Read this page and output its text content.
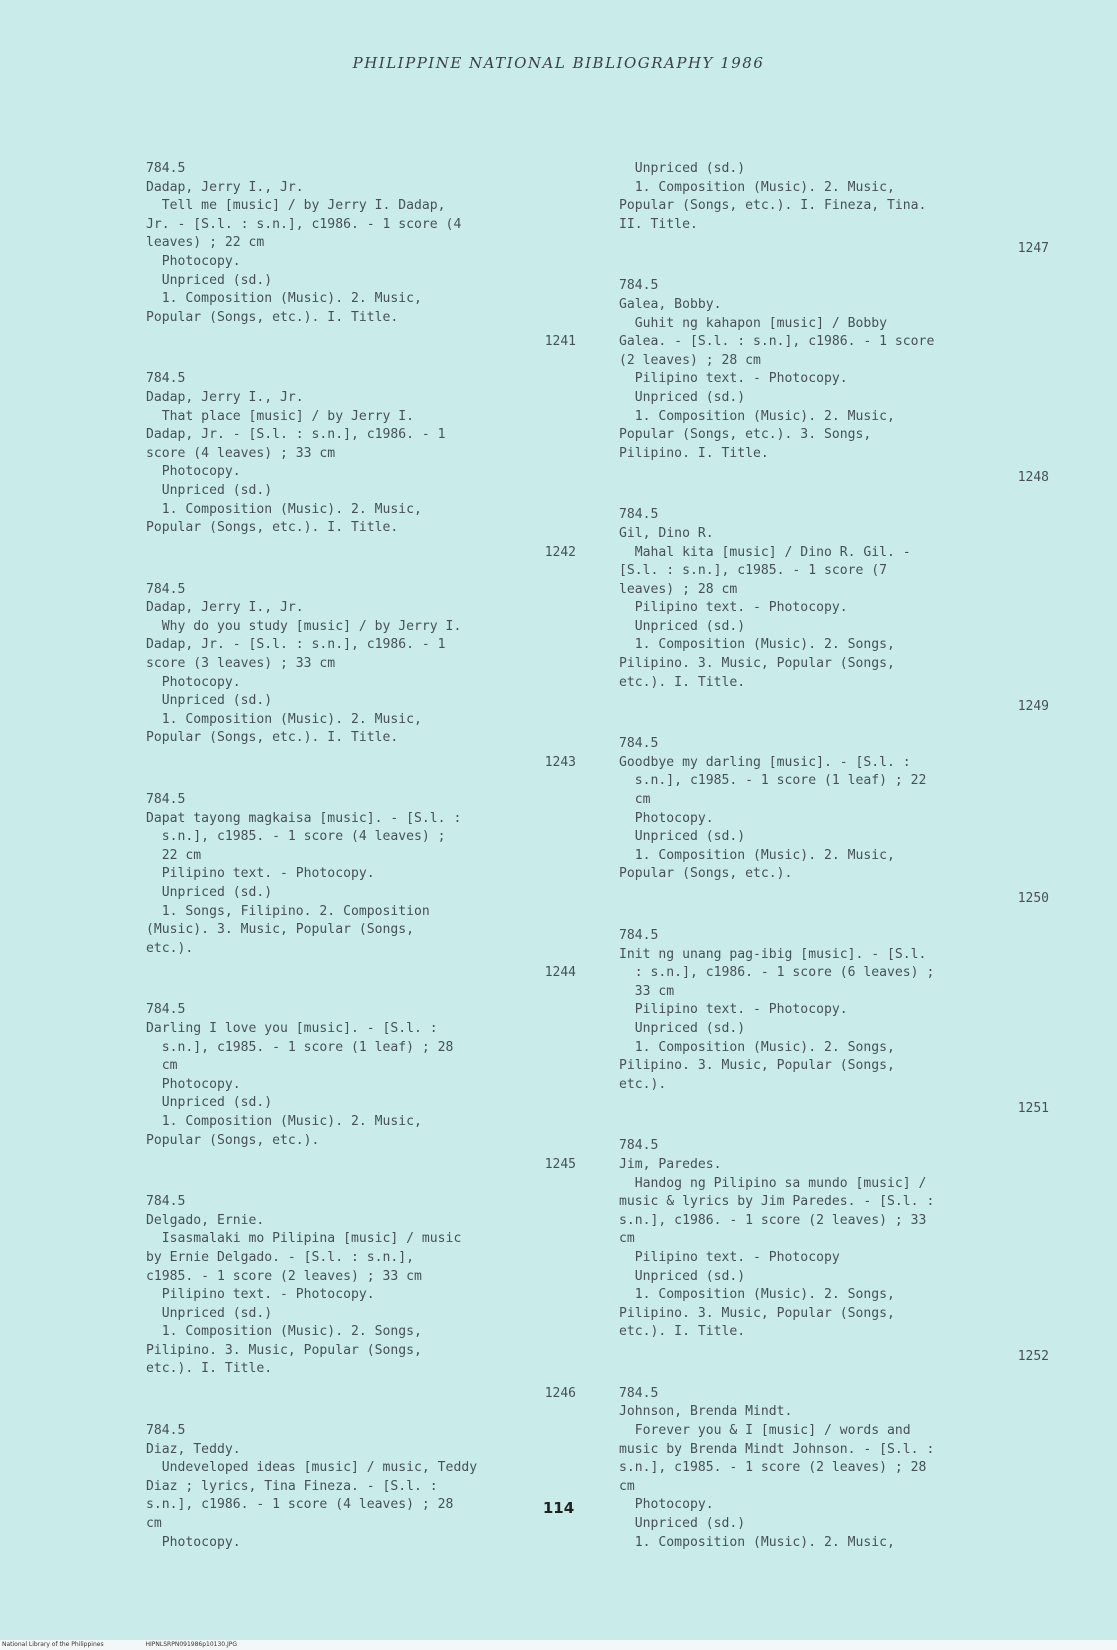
PHILIPPINE NATIONAL BIBLIOGRAPHY 1986
784.5
Dadap, Jerry I., Jr.
Tell me [music] / by Jerry I. Dadap,
Jr. - [S.l. : s.n.], c1986. - 1 score (4
leaves) ; 22 cm
Photocopy.
Unpriced (sd.)
1. Composition (Music). 2. Music,
Popular (Songs, etc.). I. Title.
1241
784.5
Dadap, Jerry I., Jr.
That place [music] / by Jerry I.
Dadap, Jr. - [S.l. : s.n.], c1986. - 1
score (4 leaves) ; 33 cm
Photocopy.
Unpriced (sd.)
1. Composition (Music). 2. Music,
Popular (Songs, etc.). I. Title.
1242
784.5
Dadap, Jerry I., Jr.
Why do you study [music] / by Jerry I.
Dadap, Jr. - [S.l. : s.n.], c1986. - 1
score (3 leaves) ; 33 cm
Photocopy.
Unpriced (sd.)
1. Composition (Music). 2. Music,
Popular (Songs, etc.). I. Title.
1243
784.5
Dapat tayong magkaisa [music]. - [S.l. :
s.n.], c1985. - 1 score (4 leaves) ;
22 cm
Pilipino text. - Photocopy.
Unpriced (sd.)
1. Songs, Filipino. 2. Composition
(Music). 3. Music, Popular (Songs,
etc.).
1244
784.5
Darling I love you [music]. - [S.l. :
s.n.], c1985. - 1 score (1 leaf) ; 28
cm
Photocopy.
Unpriced (sd.)
1. Composition (Music). 2. Music,
Popular (Songs, etc.).
1245
784.5
Delgado, Ernie.
Isasmalaki mo Pilipina [music] / music
by Ernie Delgado. - [S.l. : s.n.],
c1985. - 1 score (2 leaves) ; 33 cm
Pilipino text. - Photocopy.
Unpriced (sd.)
1. Composition (Music). 2. Songs,
Pilipino. 3. Music, Popular (Songs,
etc.). I. Title.
1246
784.5
Diaz, Teddy.
Undeveloped ideas [music] / music, Teddy
Diaz ; lyrics, Tina Fineza. - [S.l. :
s.n.], c1986. - 1 score (4 leaves) ; 28
cm
Photocopy.
Unpriced (sd.)
1. Composition (Music). 2. Music,
Popular (Songs, etc.). I. Fineza, Tina.
II. Title.
1247
784.5
Galea, Bobby.
Guhit ng kahapon [music] / Bobby
Galea. - [S.l. : s.n.], c1986. - 1 score
(2 leaves) ; 28 cm
Pilipino text. - Photocopy.
Unpriced (sd.)
1. Composition (Music). 2. Music,
Popular (Songs, etc.). 3. Songs,
Pilipino. I. Title.
1248
784.5
Gil, Dino R.
Mahal kita [music] / Dino R. Gil. -
[S.l. : s.n.], c1985. - 1 score (7
leaves) ; 28 cm
Pilipino text. - Photocopy.
Unpriced (sd.)
1. Composition (Music). 2. Songs,
Pilipino. 3. Music, Popular (Songs,
etc.). I. Title.
1249
784.5
Goodbye my darling [music]. - [S.l. :
s.n.], c1985. - 1 score (1 leaf) ; 22
cm
Photocopy.
Unpriced (sd.)
1. Composition (Music). 2. Music,
Popular (Songs, etc.).
1250
784.5
Init ng unang pag-ibig [music]. - [S.l.
: s.n.], c1986. - 1 score (6 leaves) ;
33 cm
Pilipino text. - Photocopy.
Unpriced (sd.)
1. Composition (Music). 2. Songs,
Pilipino. 3. Music, Popular (Songs,
etc.).
1251
784.5
Jim, Paredes.
Handog ng Pilipino sa mundo [music] /
music & lyrics by Jim Paredes. - [S.l. :
s.n.], c1986. - 1 score (2 leaves) ; 33
cm
Pilipino text. - Photocopy
Unpriced (sd.)
1. Composition (Music). 2. Songs,
Pilipino. 3. Music, Popular (Songs,
etc.). I. Title.
1252
784.5
Johnson, Brenda Mindt.
Forever you & I [music] / words and
music by Brenda Mindt Johnson. - [S.l. :
s.n.], c1985. - 1 score (2 leaves) ; 28
cm
Photocopy.
Unpriced (sd.)
1. Composition (Music). 2. Music,
114
National Library of the Philippines	HIPNLSRPN091986p10130.JPG
